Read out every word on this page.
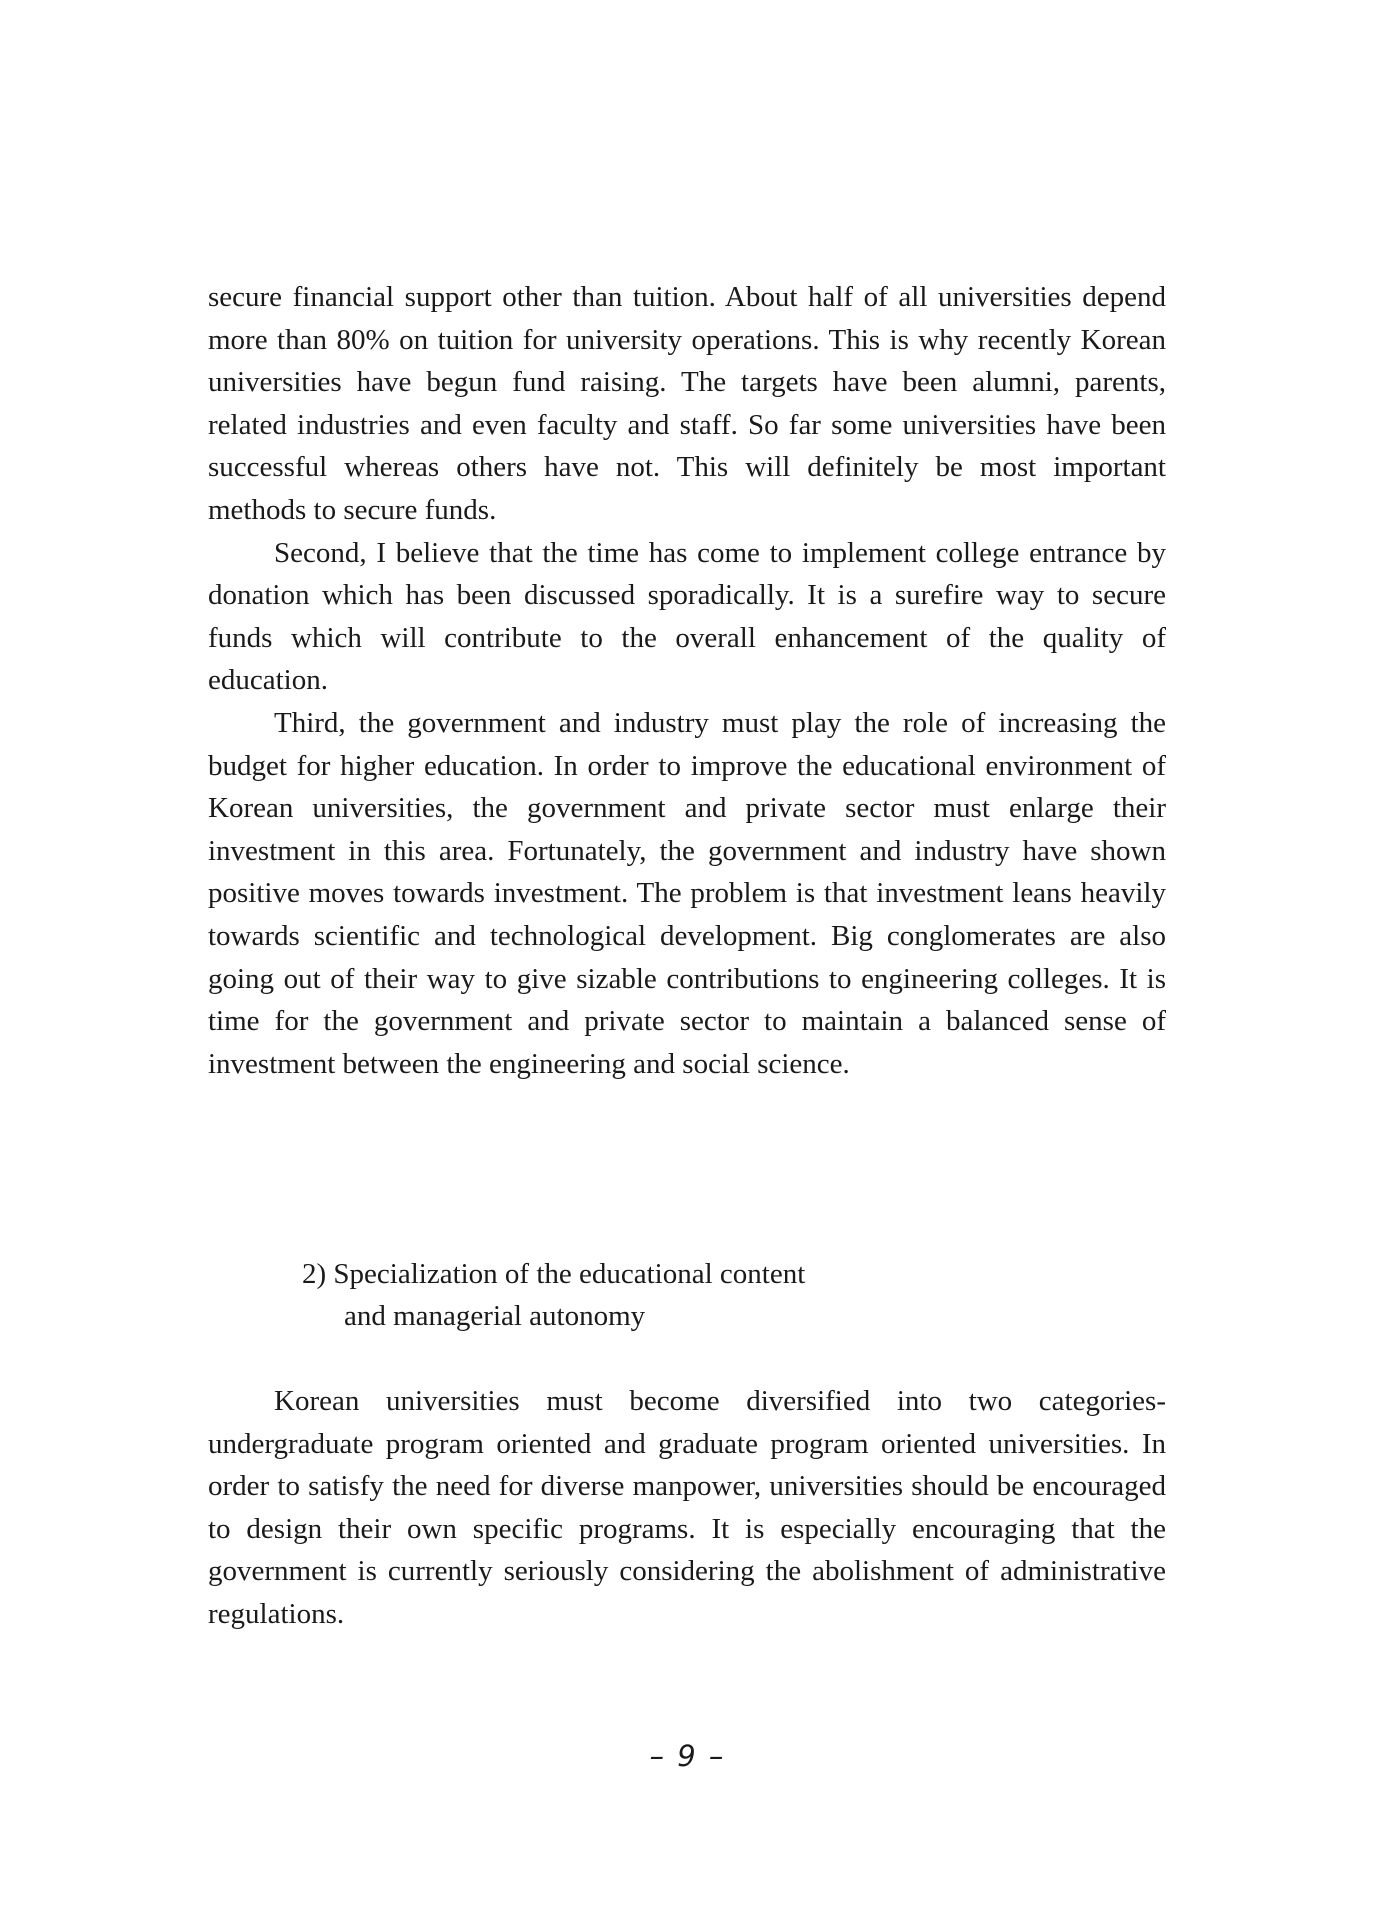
secure financial support other than tuition. About half of all universities depend more than 80% on tuition for university operations. This is why recently Korean universities have begun fund raising. The targets have been alumni, parents, related industries and even faculty and staff. So far some universities have been successful whereas others have not. This will definitely be most important methods to secure funds.

Second, I believe that the time has come to implement college entrance by donation which has been discussed sporadically. It is a surefire way to secure funds which will contribute to the overall enhancement of the quality of education.

Third, the government and industry must play the role of increasing the budget for higher education. In order to improve the educational environment of Korean universities, the government and private sector must enlarge their investment in this area. Fortunately, the government and industry have shown positive moves towards investment. The problem is that investment leans heavily towards scientific and technological development. Big conglomerates are also going out of their way to give sizable contributions to engineering colleges. It is time for the government and private sector to maintain a balanced sense of investment between the engineering and social science.

2) Specialization of the educational content
and managerial autonomy

Korean universities must become diversified into two categories- undergraduate program oriented and graduate program oriented universities. In order to satisfy the need for diverse manpower, universities should be encouraged to design their own specific programs. It is especially encouraging that the government is currently seriously considering the abolishment of administrative regulations.

– 9 –
